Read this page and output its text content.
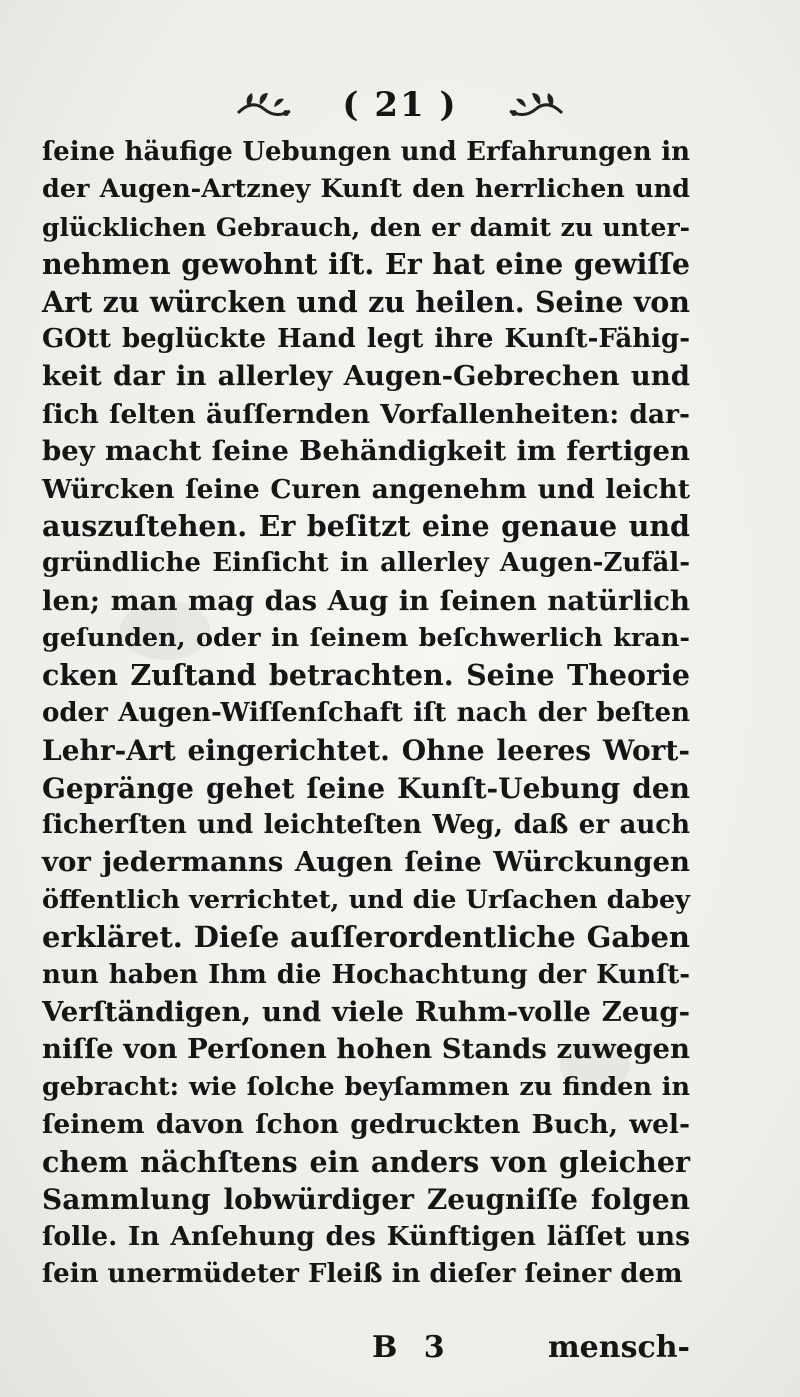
( 21 )
ſeine häufige Uebungen und Erfahrungen in
der Augen-Artzney Kunſt den herrlichen und
glücklichen Gebrauch, den er damit zu unter-
nehmen gewohnt iſt. Er hat eine gewiſſe
Art zu würcken und zu heilen. Seine von
GOtt beglückte Hand legt ihre Kunſt-Fähig-
keit dar in allerley Augen-Gebrechen und
ſich ſelten äuſſernden Vorfallenheiten: dar-
bey macht ſeine Behändigkeit im fertigen
Würcken ſeine Curen angenehm und leicht
auszuſtehen. Er beſitzt eine genaue und
gründliche Einſicht in allerley Augen-Zufäl-
len; man mag das Aug in ſeinen natürlich
geſunden, oder in ſeinem beſchwerlich kran-
cken Zuſtand betrachten. Seine Theorie
oder Augen-Wiſſenſchaft iſt nach der beſten
Lehr-Art eingerichtet. Ohne leeres Wort-
Gepränge gehet ſeine Kunſt-Uebung den
ſicherſten und leichteſten Weg, daß er auch
vor jedermanns Augen ſeine Würckungen
öffentlich verrichtet, und die Urſachen dabey
erkläret. Dieſe auſſerordentliche Gaben
nun haben Ihm die Hochachtung der Kunſt-
Verſtändigen, und viele Ruhm-volle Zeug-
niſſe von Perſonen hohen Stands zuwegen
gebracht: wie ſolche beyſammen zu finden in
ſeinem davon ſchon gedruckten Buch, wel-
chem nächſtens ein anders von gleicher
Sammlung lobwürdiger Zeugniſſe folgen
ſolle. In Anſehung des Künftigen läſſet uns
ſein unermüdeter Fleiß in dieſer ſeiner dem
B 3	mensch-
